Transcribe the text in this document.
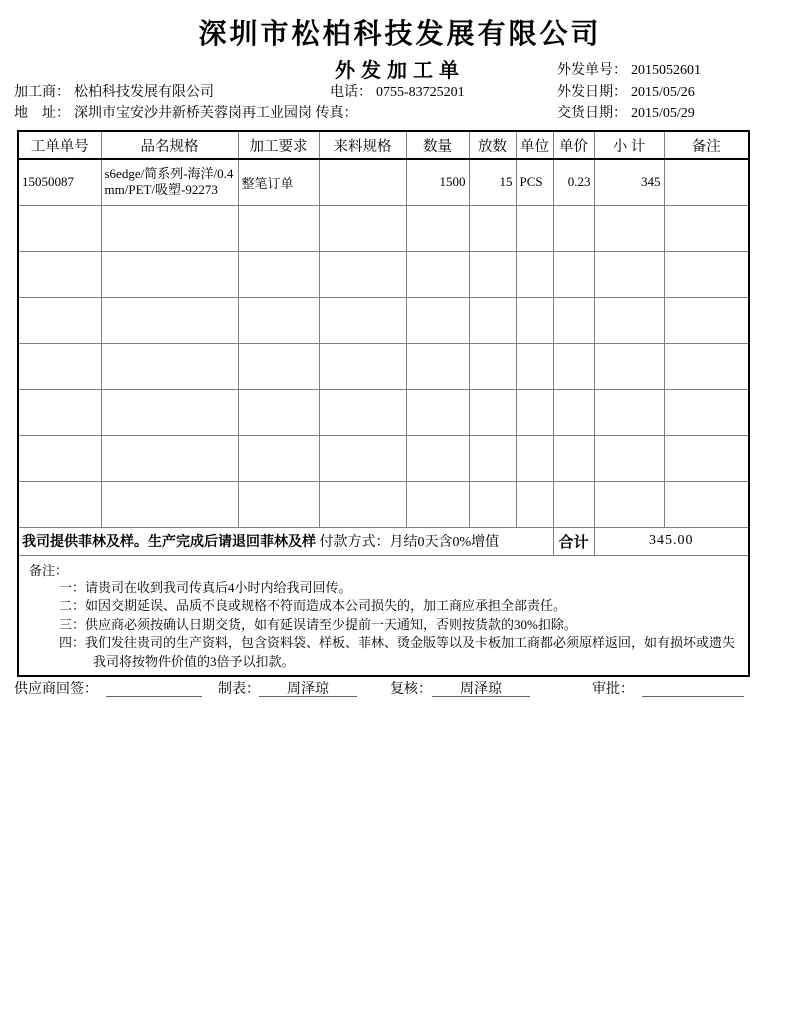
深圳市松柏科技发展有限公司
外发加工单	外发单号： 2015052601
加工商： 松柏科技发展有限公司	电话： 0755-83725201	外发日期： 2015/05/26
地　址： 深圳市宝安沙井新桥芙蓉岗再工业园岗 传真：	交货日期： 2015/05/29
工单单号	品名规格	加工要求	来料规格	数量	放数	单位	单价	小 计	备注
15050087	s6edge/简系列-海洋/0.4mm/PET/吸塑-92273	整笔订单		1500	15	PCS	0.23	345	

我司提供菲林及样。生产完成后请退回菲林及样 付款方式：月结0天含0%增值							合计	345.00	

备注：
一：请贵司在收到我司传真后4小时内给我司回传。
二：如因交期延误、品质不良或规格不符而造成本公司损失的，加工商应承担全部责任。
三：供应商必须按确认日期交货，如有延误请至少提前一天通知，否则按货款的30%扣除。
四：我们发往贵司的生产资料，包含资料袋、样板、菲林、烫金版等以及卡板加工商都必须原样返回，如有损坏或遗失我司将按物件价值的3倍予以扣款。									
供应商回签：	制表：	周泽琼	复核：	周泽琼	审批：
